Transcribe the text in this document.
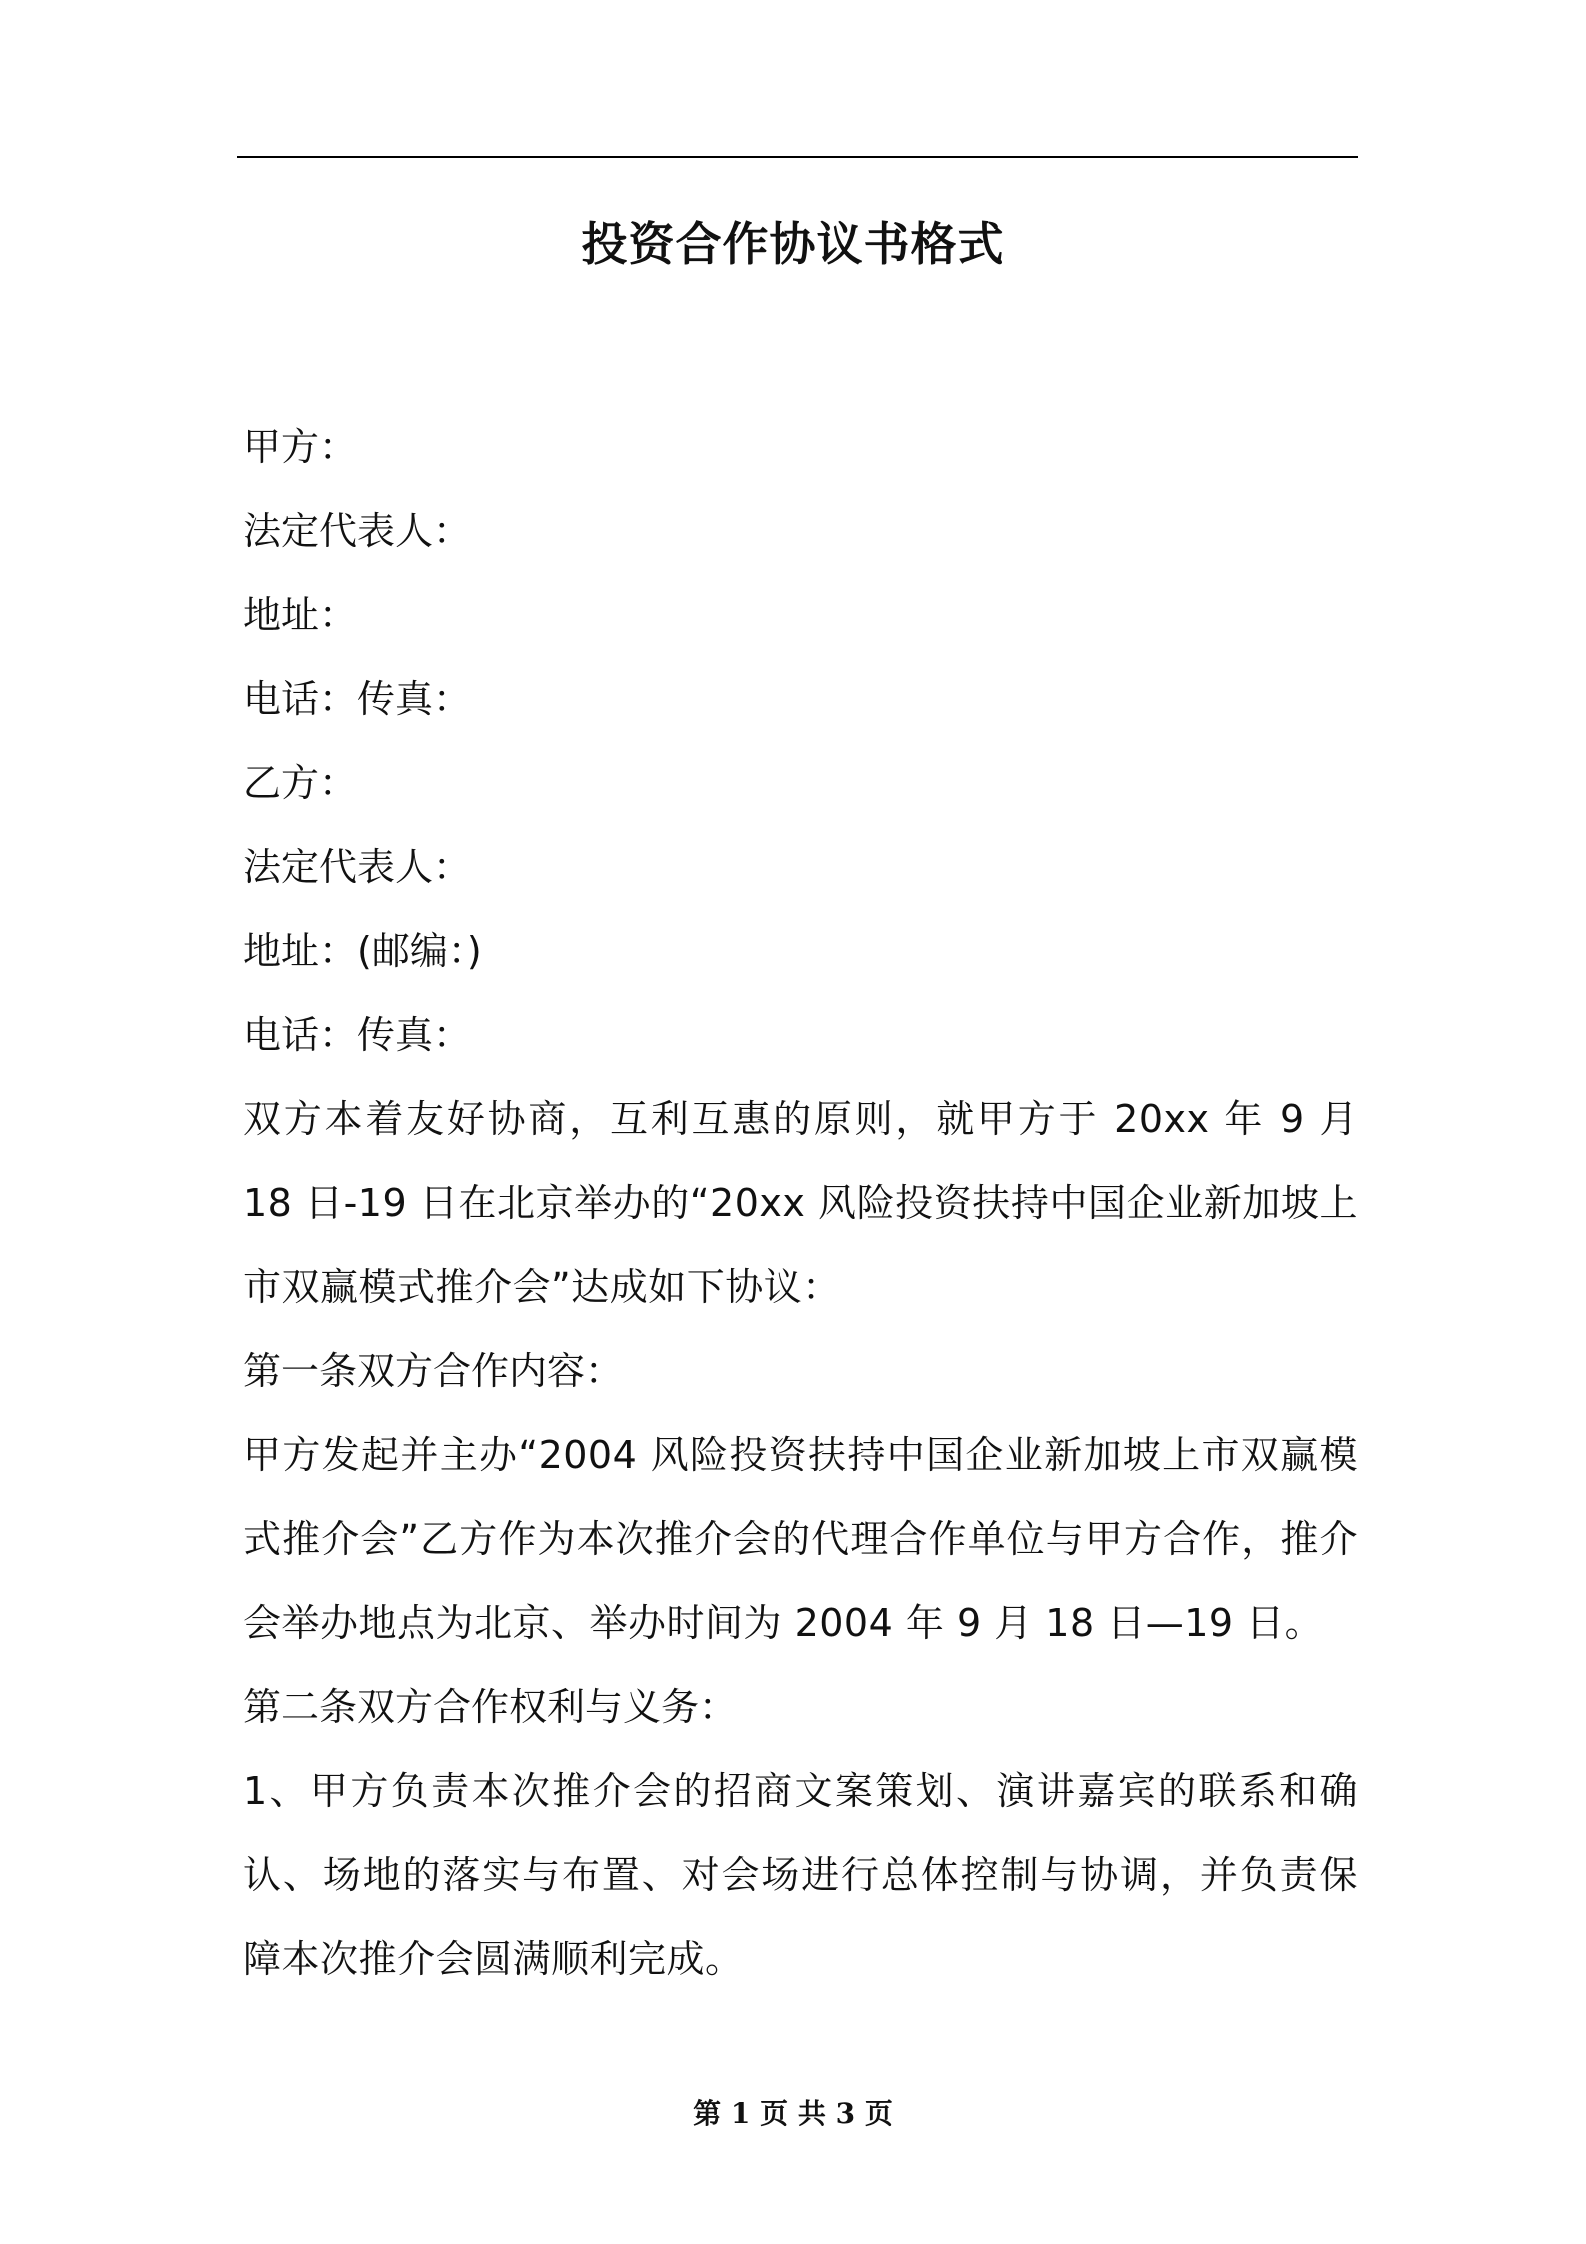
投资合作协议书格式
甲方：
法定代表人：
地址：
电话：传真：
乙方：
法定代表人：
地址：(邮编：)
电话：传真：
双方本着友好协商，互利互惠的原则，就甲方于 20xx 年 9 月 18 日-19 日在北京举办的“20xx 风险投资扶持中国企业新加坡上市双赢模式推介会”达成如下协议：
第一条双方合作内容：
甲方发起并主办“2004 风险投资扶持中国企业新加坡上市双赢模式推介会”乙方作为本次推介会的代理合作单位与甲方合作，推介会举办地点为北京、举办时间为 2004 年 9 月 18 日—19 日。
第二条双方合作权利与义务：
1、甲方负责本次推介会的招商文案策划、演讲嘉宾的联系和确认、场地的落实与布置、对会场进行总体控制与协调，并负责保障本次推介会圆满顺利完成。
第 1 页 共 3 页
